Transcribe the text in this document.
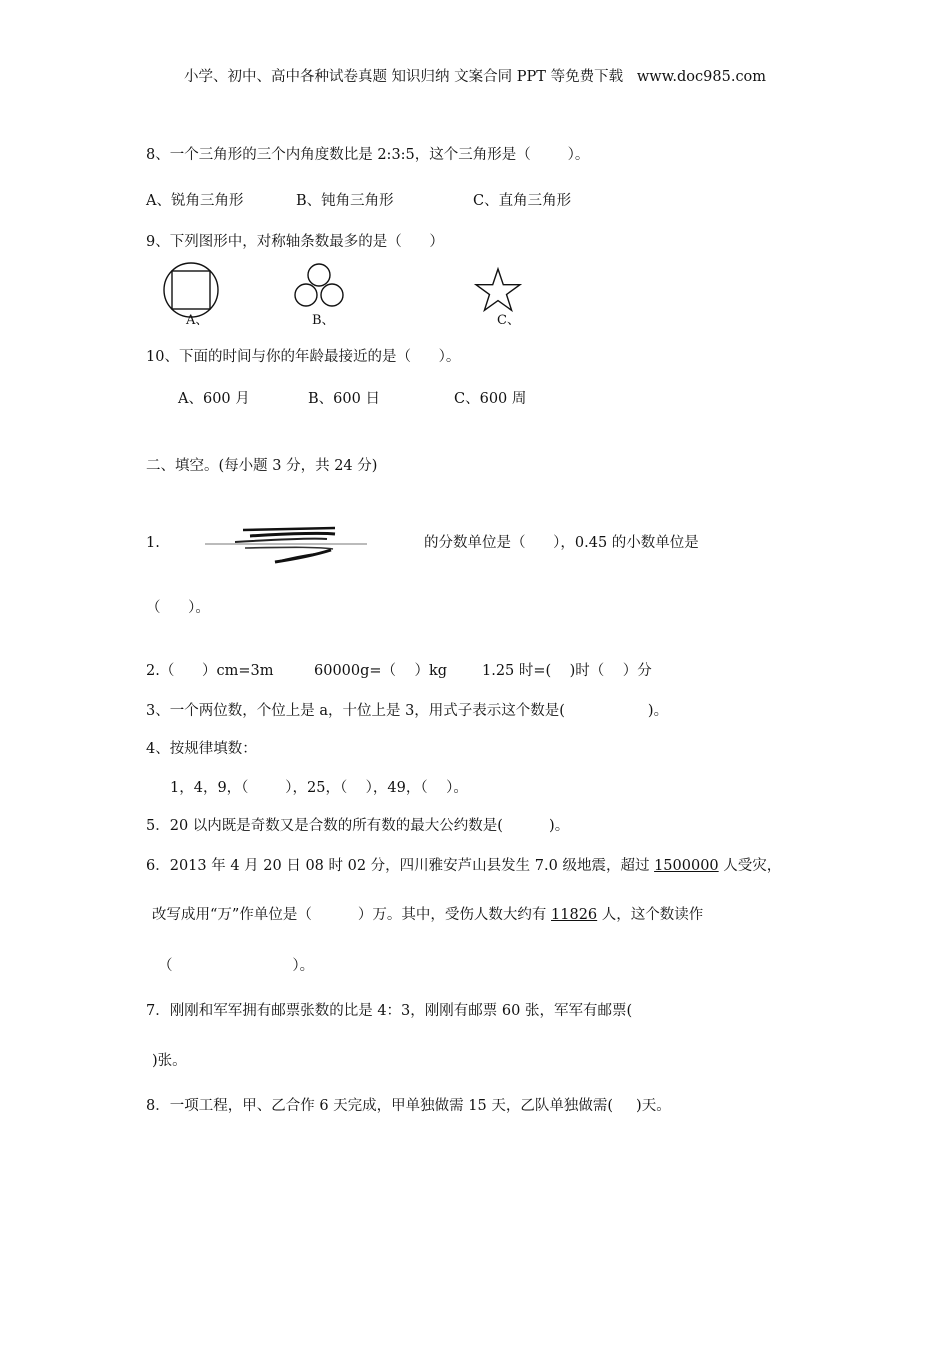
小学、初中、高中各种试卷真题 知识归纳 文案合同 PPT 等免费下载   www.doc985.com
8、一个三角形的三个内角度数比是 2:3:5，这个三角形是（        ）。
A、锐角三角形	B、钝角三角形	C、直角三角形
9、下列图形中，对称轴条数最多的是（      ）
A、	B、	C、
10、下面的时间与你的年龄最接近的是（      ）。
A、600 月	B、600 日	C、600 周
二、填空。(每小题 3 分，共 24 分)
1.	的分数单位是（      ），0.45 的小数单位是
（      ）。
2.（      ）cm=3m	60000g=（    ）kg 1.25 时=(    )时（    ）分
3、一个两位数，个位上是 a，十位上是 3，用式子表示这个数是(                  )。
4、按规律填数：
1，4，9，（        ），25，（    ），49，（    ）。
5．20 以内既是奇数又是合数的所有数的最大公约数是(          )。
6．2013 年 4 月 20 日 08 时 02 分，四川雅安芦山县发生 7.0 级地震，超过 1500000 人受灾，
改写成用“万”作单位是（          ）万。其中，受伤人数大约有 11826 人，这个数读作
（                          ）。
7．刚刚和军军拥有邮票张数的比是 4：3，刚刚有邮票 60 张，军军有邮票(
)张。
8．一项工程，甲、乙合作 6 天完成，甲单独做需 15 天，乙队单独做需(     )天。
